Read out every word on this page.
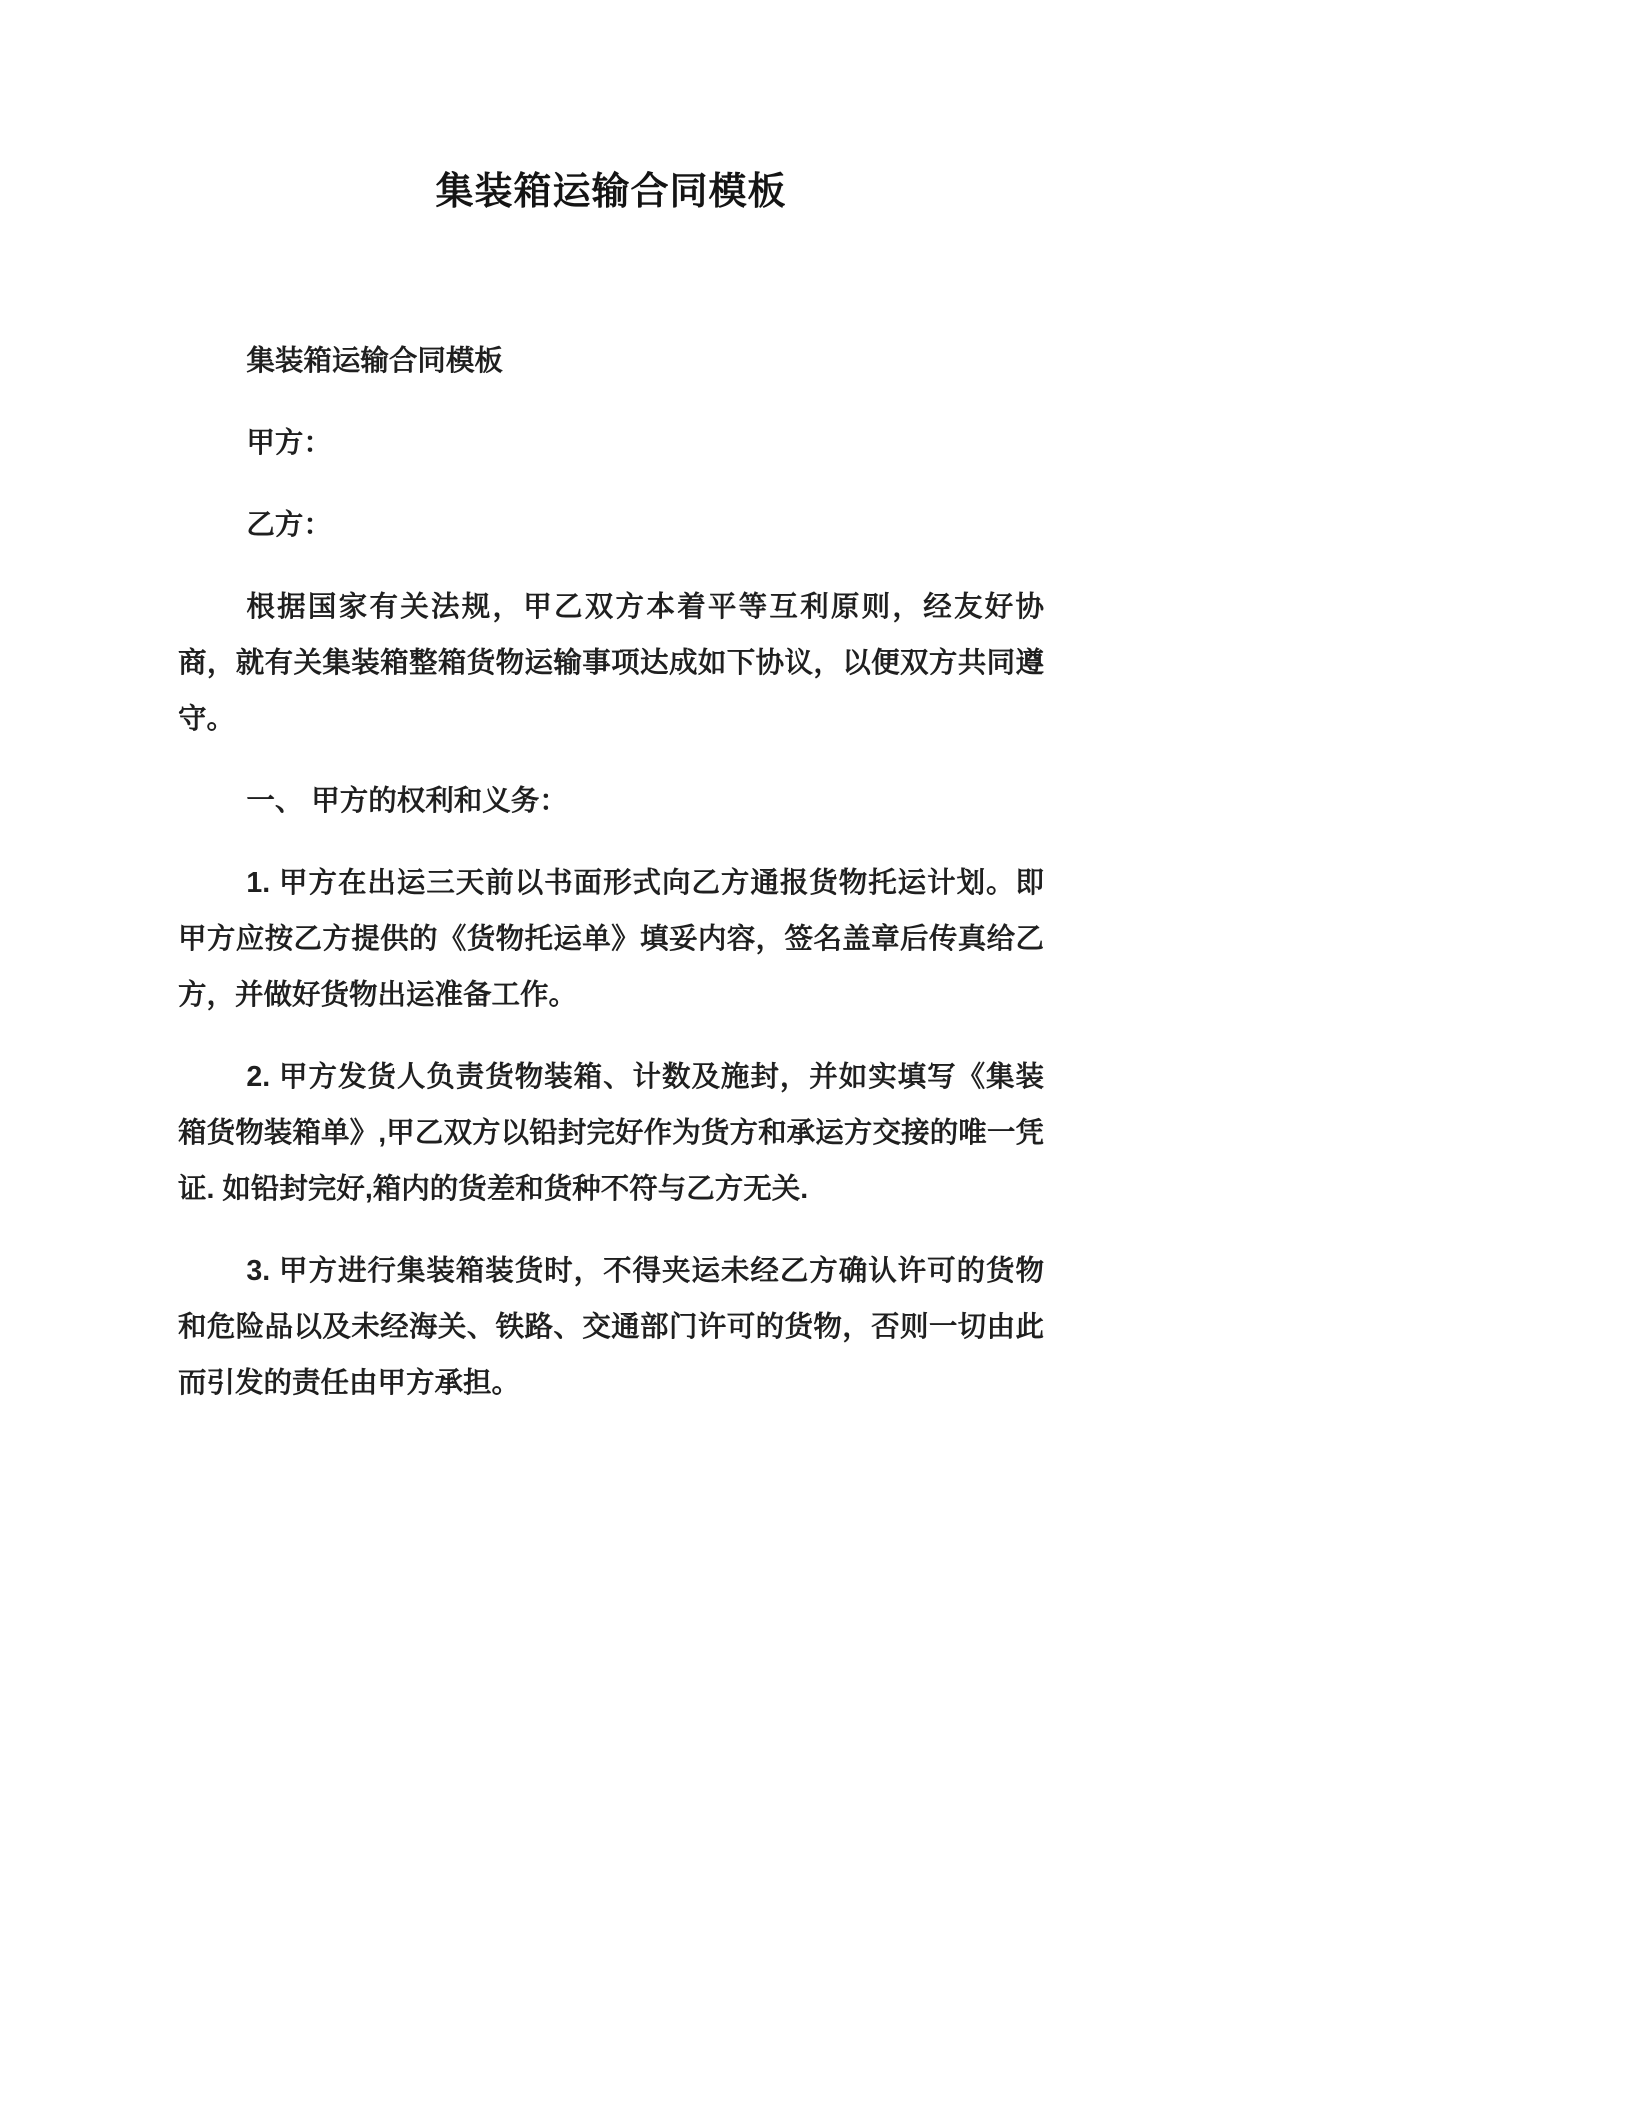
集装箱运输合同模板

集装箱运输合同模板

甲方：

乙方：

根据国家有关法规，甲乙双方本着平等互利原则，经友好协商，就有关集装箱整箱货物运输事项达成如下协议，以便双方共同遵守。

一、 甲方的权利和义务：

1. 甲方在出运三天前以书面形式向乙方通报货物托运计划。即甲方应按乙方提供的《货物托运单》填妥内容，签名盖章后传真给乙方，并做好货物出运准备工作。

2. 甲方发货人负责货物装箱、计数及施封，并如实填写《集装箱货物装箱单》,甲乙双方以铅封完好作为货方和承运方交接的唯一凭证. 如铅封完好,箱内的货差和货种不符与乙方无关.

3. 甲方进行集装箱装货时，不得夹运未经乙方确认许可的货物和危险品以及未经海关、铁路、交通部门许可的货物，否则一切由此而引发的责任由甲方承担。
